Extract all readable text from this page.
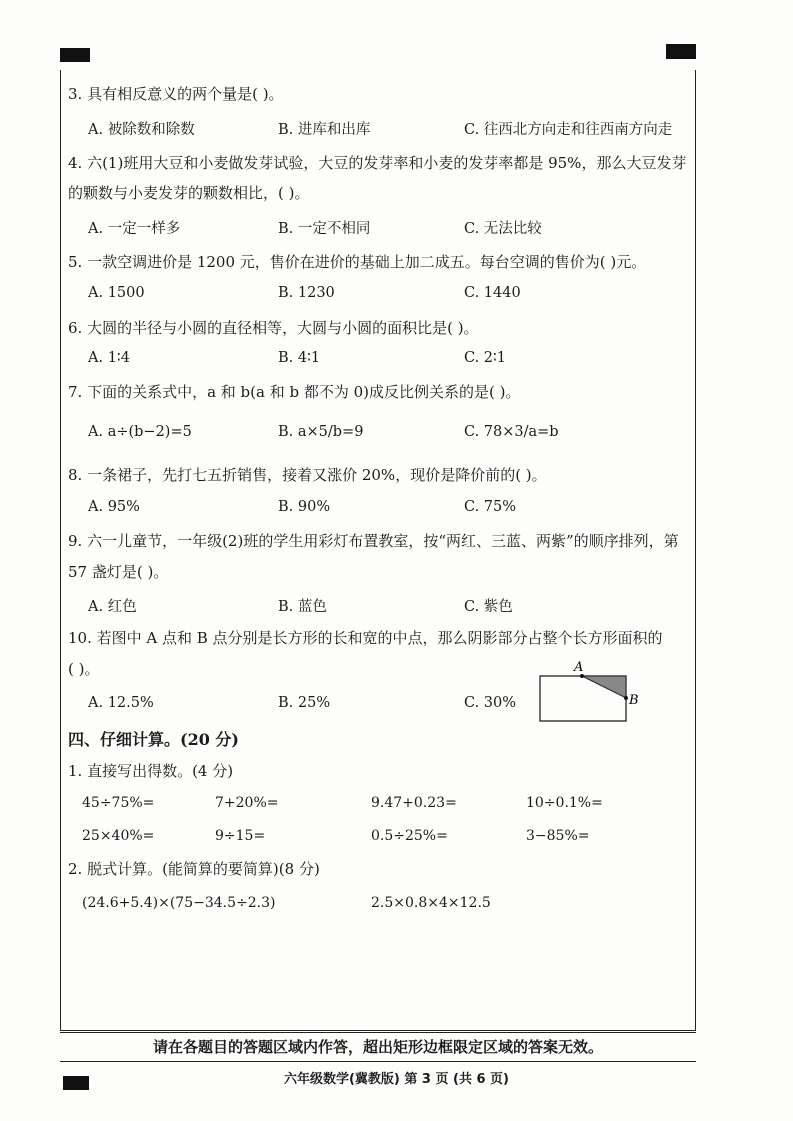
3. 具有相反意义的两个量是( )。
A. 被除数和除数	B. 进库和出库	C. 往西北方向走和往西南方向走
4. 六(1)班用大豆和小麦做发芽试验，大豆的发芽率和小麦的发芽率都是 95%，那么大豆发芽
的颗数与小麦发芽的颗数相比，( )。
A. 一定一样多	B. 一定不相同	C. 无法比较
5. 一款空调进价是 1200 元，售价在进价的基础上加二成五。每台空调的售价为( )元。
A. 1500	B. 1230	C. 1440
6. 大圆的半径与小圆的直径相等，大圆与小圆的面积比是( )。
A. 1∶4	B. 4∶1	C. 2∶1
7. 下面的关系式中，a 和 b(a 和 b 都不为 0)成反比例关系的是( )。
A. a÷(b−2)=5	B. a×5/b=9	C. 78×3/a=b
8. 一条裙子，先打七五折销售，接着又涨价 20%，现价是降价前的( )。
A. 95%	B. 90%	C. 75%
9. 六一儿童节，一年级(2)班的学生用彩灯布置教室，按“两红、三蓝、两紫”的顺序排列，第
57 盏灯是( )。
A. 红色	B. 蓝色	C. 紫色
10. 若图中 A 点和 B 点分别是长方形的长和宽的中点，那么阴影部分占整个长方形面积的
( )。
A. 12.5%	B. 25%	C. 30%
A
B
四、仔细计算。(20 分)
1. 直接写出得数。(4 分)
45÷75%=	7+20%=	9.47+0.23=	10÷0.1%=
25×40%=	9÷15=	0.5÷25%=	3−85%=
2. 脱式计算。(能简算的要简算)(8 分)
(24.6+5.4)×(75−34.5÷2.3)	2.5×0.8×4×12.5
请在各题目的答题区域内作答，超出矩形边框限定区域的答案无效。
六年级数学(冀教版) 第 3 页 (共 6 页)
